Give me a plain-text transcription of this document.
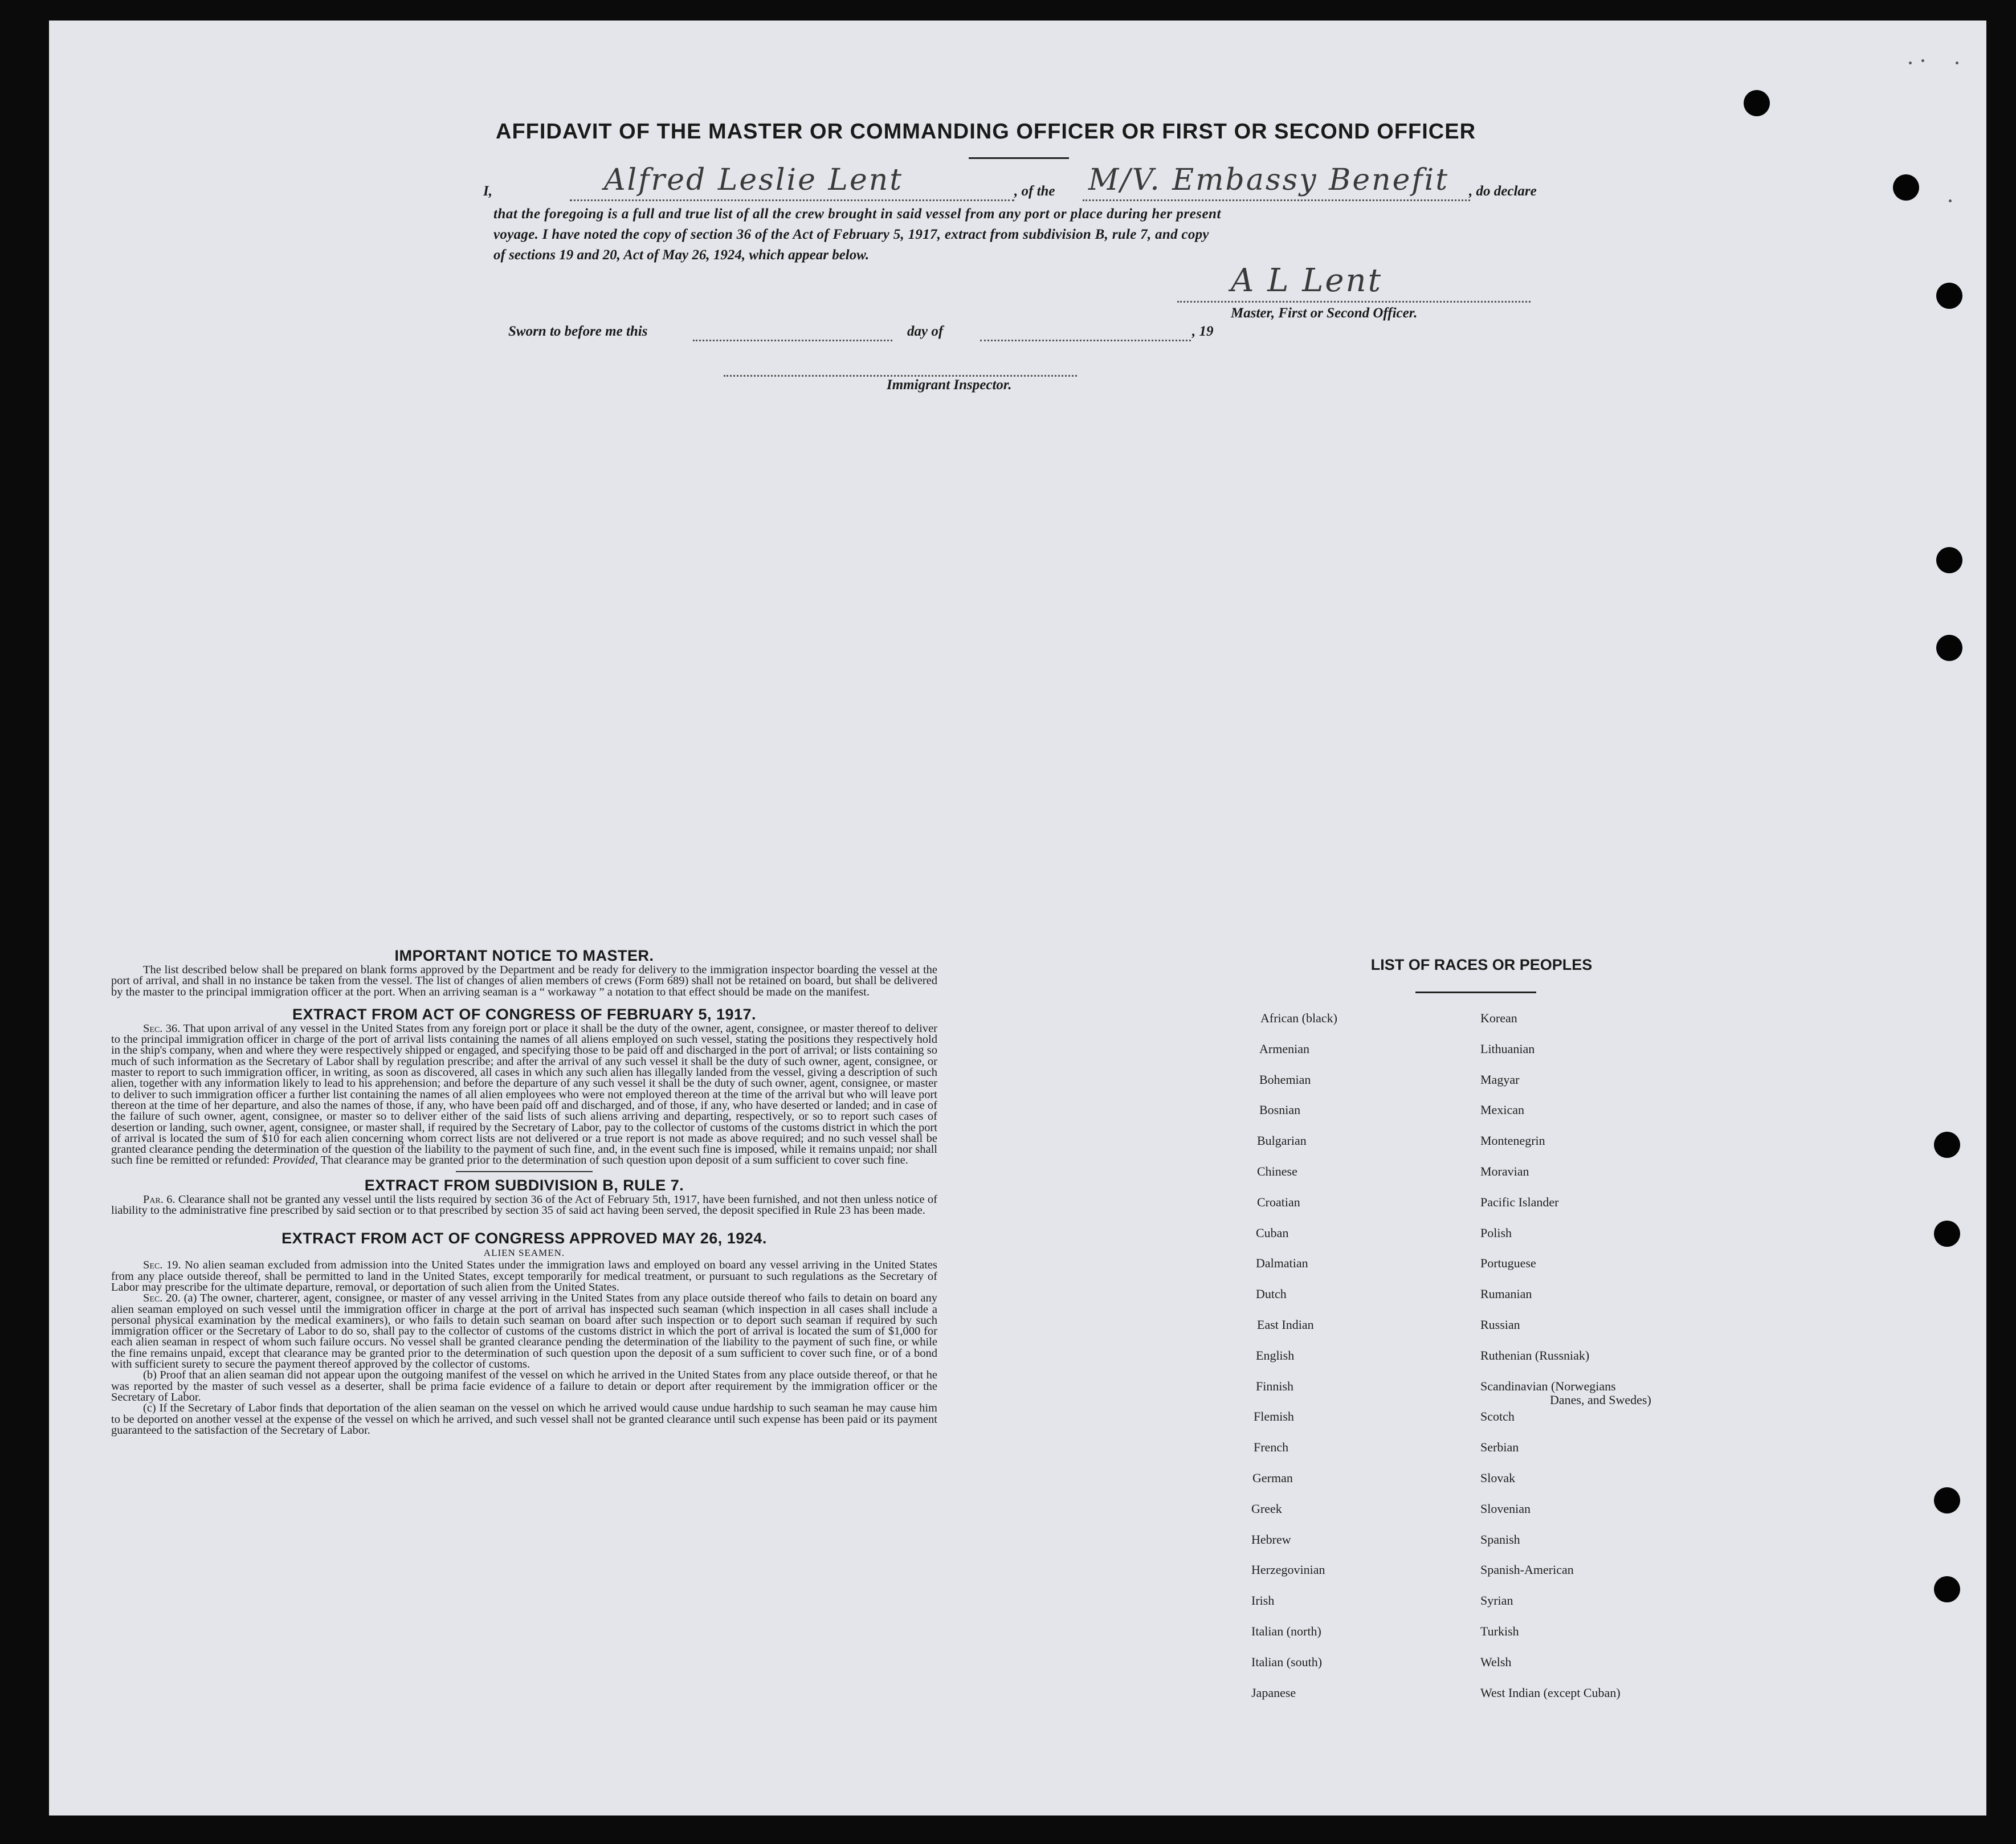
AFFIDAVIT OF THE MASTER OR COMMANDING OFFICER OR FIRST OR SECOND OFFICER
I,	Alfred Leslie Lent	, of the M/V. Embassy Benefit , do declare
that the foregoing is a full and true list of all the crew brought in said vessel from any port or place during her present
voyage. I have noted the copy of section 36 of the Act of February 5, 1917, extract from subdivision B, rule 7, and copy
of sections 19 and 20, Act of May 26, 1924, which appear below.
A L Lent
Master, First or Second Officer.
Sworn to before me this	day of	, 19
Immigrant Inspector.

IMPORTANT NOTICE TO MASTER.

The list described below shall be prepared on blank forms approved by the Department and be ready for delivery to the immigration inspector boarding the vessel at the port of arrival, and shall in no instance be taken from the vessel. The list of changes of alien members of crews (Form 689) shall not be retained on board, but shall be delivered by the master to the principal immigration officer at the port. When an arriving seaman is a “ workaway ” a notation to that effect should be made on the manifest.

EXTRACT FROM ACT OF CONGRESS OF FEBRUARY 5, 1917.

Sec. 36. That upon arrival of any vessel in the United States from any foreign port or place it shall be the duty of the owner, agent, consignee, or master thereof to deliver to the principal immigration officer in charge of the port of arrival lists containing the names of all aliens employed on such vessel, stating the positions they respectively hold in the ship's company, when and where they were respectively shipped or engaged, and specifying those to be paid off and discharged in the port of arrival; or lists containing so much of such information as the Secretary of Labor shall by regulation prescribe; and after the arrival of any such vessel it shall be the duty of such owner, agent, consignee, or master to report to such immigration officer, in writing, as soon as discovered, all cases in which any such alien has illegally landed from the vessel, giving a description of such alien, together with any information likely to lead to his apprehension; and before the departure of any such vessel it shall be the duty of such owner, agent, consignee, or master to deliver to such immigration officer a further list containing the names of all alien employees who were not employed thereon at the time of the arrival but who will leave port thereon at the time of her departure, and also the names of those, if any, who have been paid off and discharged, and of those, if any, who have deserted or landed; and in case of the failure of such owner, agent, consignee, or master so to deliver either of the said lists of such aliens arriving and departing, respectively, or so to report such cases of desertion or landing, such owner, agent, consignee, or master shall, if required by the Secretary of Labor, pay to the collector of customs of the customs district in which the port of arrival is located the sum of $10 for each alien concerning whom correct lists are not delivered or a true report is not made as above required; and no such vessel shall be granted clearance pending the determination of the question of the liability to the payment of such fine, and, in the event such fine is imposed, while it remains unpaid; nor shall such fine be remitted or refunded: Provided, That clearance may be granted prior to the determination of such question upon deposit of a sum sufficient to cover such fine.

EXTRACT FROM SUBDIVISION B, RULE 7.

Par. 6. Clearance shall not be granted any vessel until the lists required by section 36 of the Act of February 5th, 1917, have been furnished, and not then unless notice of liability to the administrative fine prescribed by said section or to that prescribed by section 35 of said act having been served, the deposit specified in Rule 23 has been made.

EXTRACT FROM ACT OF CONGRESS APPROVED MAY 26, 1924.

ALIEN SEAMEN.

Sec. 19. No alien seaman excluded from admission into the United States under the immigration laws and employed on board any vessel arriving in the United States from any place outside thereof, shall be permitted to land in the United States, except temporarily for medical treatment, or pursuant to such regulations as the Secretary of Labor may prescribe for the ultimate departure, removal, or deportation of such alien from the United States.

Sec. 20. (a) The owner, charterer, agent, consignee, or master of any vessel arriving in the United States from any place outside thereof who fails to detain on board any alien seaman employed on such vessel until the immigration officer in charge at the port of arrival has inspected such seaman (which inspection in all cases shall include a personal physical examination by the medical examiners), or who fails to detain such seaman on board after such inspection or to deport such seaman if required by such immigration officer or the Secretary of Labor to do so, shall pay to the collector of customs of the customs district in which the port of arrival is located the sum of $1,000 for each alien seaman in respect of whom such failure occurs. No vessel shall be granted clearance pending the determination of the liability to the payment of such fine, or while the fine remains unpaid, except that clearance may be granted prior to the determination of such question upon the deposit of a sum sufficient to cover such fine, or of a bond with sufficient surety to secure the payment thereof approved by the collector of customs.

(b) Proof that an alien seaman did not appear upon the outgoing manifest of the vessel on which he arrived in the United States from any place outside thereof, or that he was reported by the master of such vessel as a deserter, shall be prima facie evidence of a failure to detain or deport after requirement by the immigration officer or the Secretary of Labor.

(c) If the Secretary of Labor finds that deportation of the alien seaman on the vessel on which he arrived would cause undue hardship to such seaman he may cause him to be deported on another vessel at the expense of the vessel on which he arrived, and such vessel shall not be granted clearance until such expense has been paid or its payment guaranteed to the satisfaction of the Secretary of Labor.

LIST OF RACES OR PEOPLES
African (black)
Armenian
Bohemian
Bosnian
Bulgarian
Chinese
Croatian
Cuban
Dalmatian
Dutch
East Indian
English
Finnish
Flemish
French
German
Greek
Hebrew
Herzegovinian
Irish
Italian (north)
Italian (south)
Japanese
Korean
Lithuanian
Magyar
Mexican
Montenegrin
Moravian
Pacific Islander
Polish
Portuguese
Rumanian
Russian
Ruthenian (Russniak)
Scandinavian (Norwegians
Scotch
Serbian
Slovak
Slovenian
Spanish
Spanish-American
Syrian
Turkish
Welsh
West Indian (except Cuban)
Danes, and Swedes)
